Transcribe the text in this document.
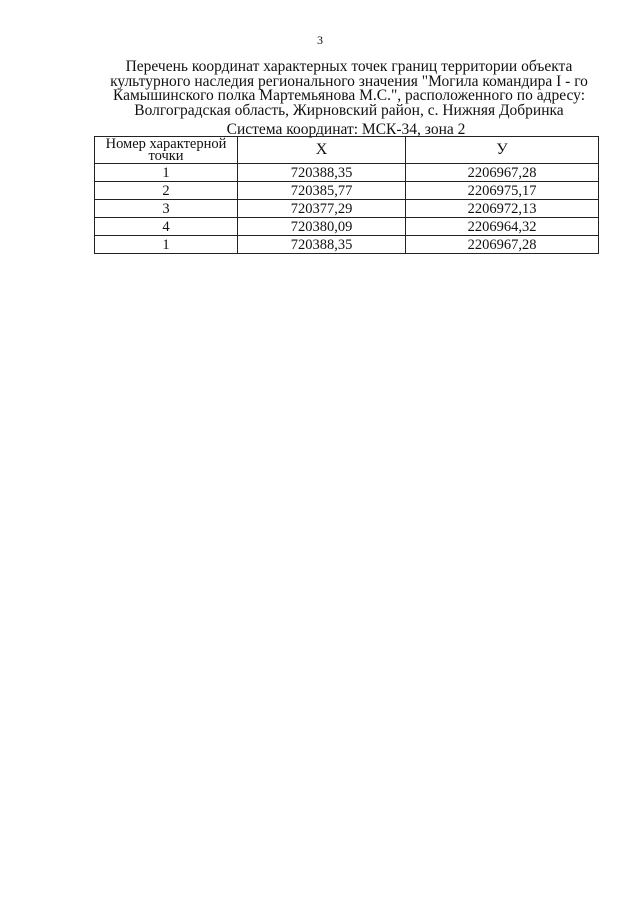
3
Перечень координат характерных точек границ территории объекта
культурного наследия регионального значения "Могила командира I - го
Камышинского полка Мартемьянова М.С.", расположенного по адресу:
Волгоградская область, Жирновский район, с. Нижняя Добринка
Система координат: МСК-34, зона 2
Номер характерной
точки	X	У
1	720388,35	2206967,28
2	720385,77	2206975,17
3	720377,29	2206972,13
4	720380,09	2206964,32
1	720388,35	2206967,28
